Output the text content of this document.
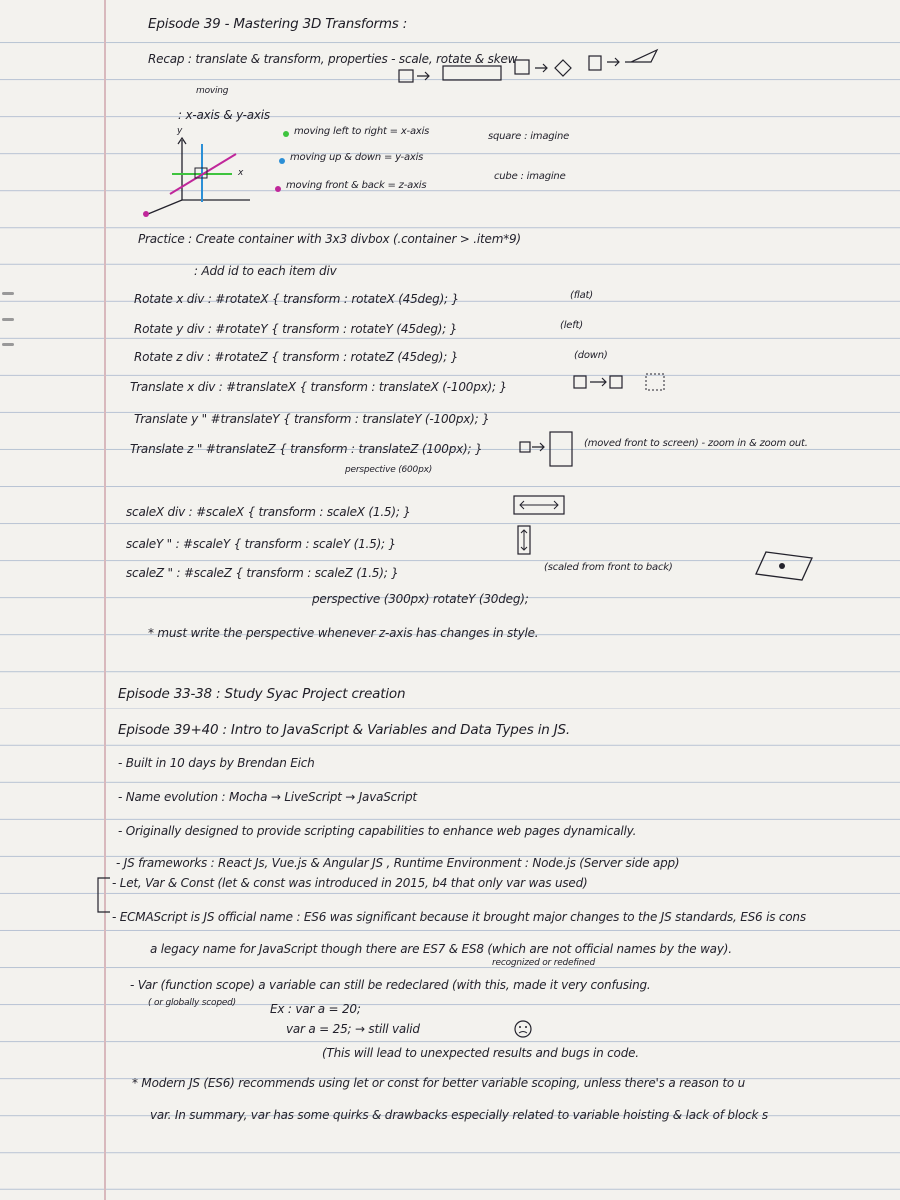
Episode 39 - Mastering 3D Transforms :
Recap : translate & transform, properties - scale, rotate & skew
moving
: x-axis & y-axis
y
x
moving left to right = x-axis	square : imagine
moving up & down = y-axis
moving front & back = z-axis
cube : imagine
Practice : Create container with 3x3 divbox (.container > .item*9)
: Add id to each item div
Rotate x div : #rotateX { transform : rotateX (45deg); }	(flat)
Rotate y div : #rotateY { transform : rotateY (45deg); }	(left)
Rotate z div : #rotateZ { transform : rotateZ (45deg); }	(down)
Translate x div : #translateX { transform : translateX (-100px); }
Translate y " #translateY { transform : translateY (-100px); }
Translate z " #translateZ { transform : translateZ (100px); }	(moved front to screen) - zoom in & zoom out.
perspective (600px)
scaleX div : #scaleX { transform : scaleX (1.5); }
scaleY " : #scaleY { transform : scaleY (1.5); }
scaleZ " : #scaleZ { transform : scaleZ (1.5); }	(scaled from front to back)
perspective (300px) rotateY (30deg);
* must write the perspective whenever z-axis has changes in style.
Episode 33-38 : Study Syac Project creation
Episode 39+40 : Intro to JavaScript & Variables and Data Types in JS.
- Built in 10 days by Brendan Eich
- Name evolution : Mocha → LiveScript → JavaScript
- Originally designed to provide scripting capabilities to enhance web pages dynamically.
- JS frameworks : React Js, Vue.js & Angular JS , Runtime Environment : Node.js (Server side app)
- Let, Var & Const (let & const was introduced in 2015, b4 that only var was used)
- ECMAScript is JS official name : ES6 was significant because it brought major changes to the JS standards, ES6 is cons
a legacy name for JavaScript though there are ES7 & ES8 (which are not official names by the way).
recognized or redefined
- Var (function scope) a variable can still be redeclared (with this, made it very confusing.
( or globally scoped)	Ex : var a = 20;
var a = 25; → still valid
(This will lead to unexpected results and bugs in code.
* Modern JS (ES6) recommends using let or const for better variable scoping, unless there's a reason to u
var. In summary, var has some quirks & drawbacks especially related to variable hoisting & lack of block s
